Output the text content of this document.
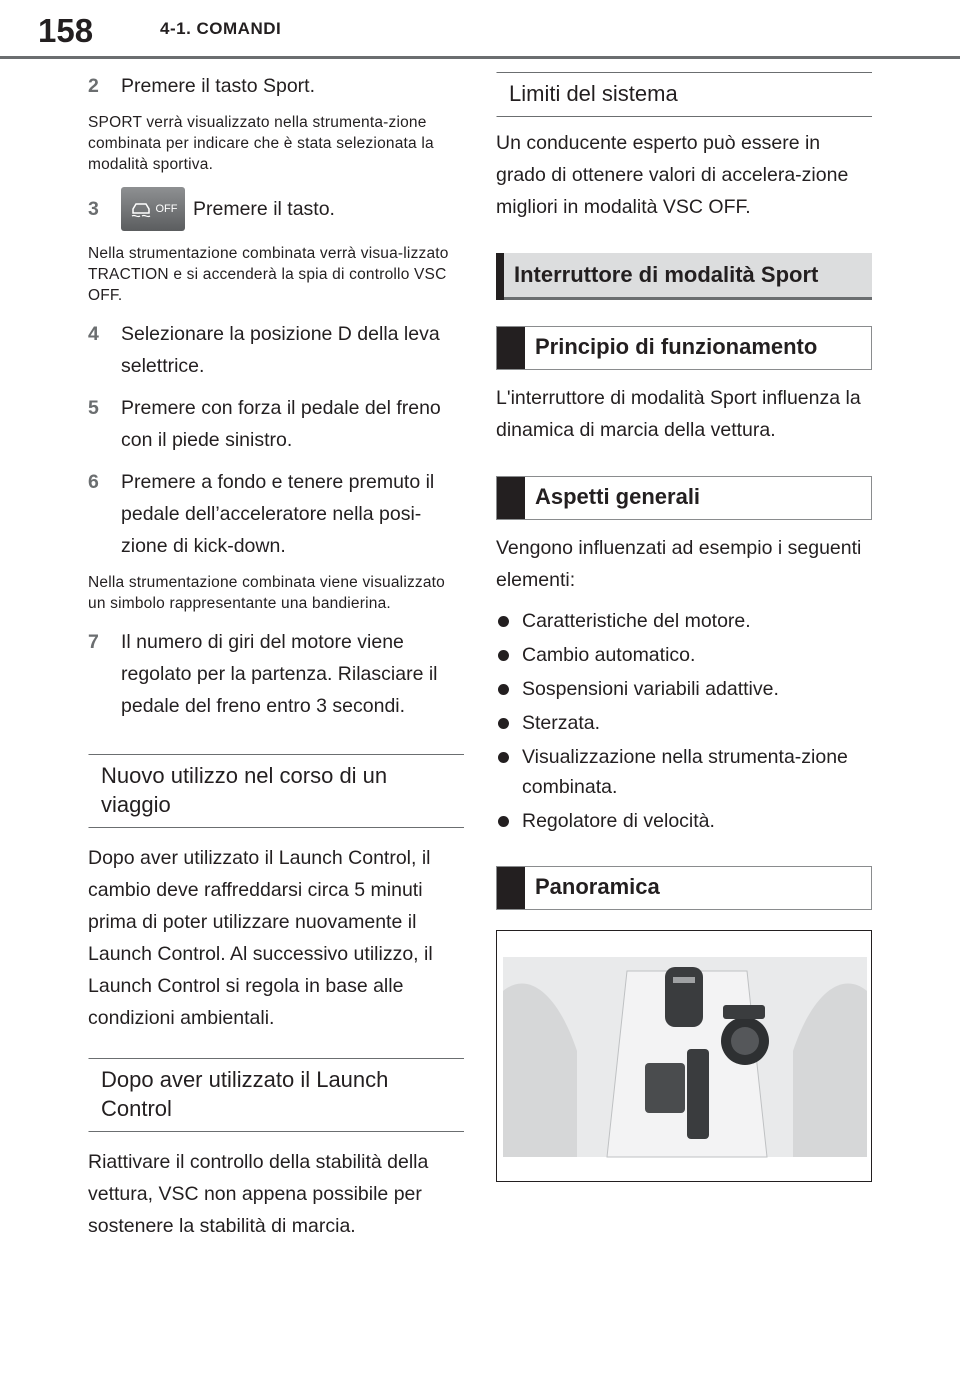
158	4-1. COMANDI
2 Premere il tasto Sport.
SPORT verrà visualizzato nella strumenta-zione combinata per indicare che è stata selezionata la modalità sportiva.
3	OFF Premere il tasto.
Nella strumentazione combinata verrà visua-lizzato TRACTION e si accenderà la spia di controllo VSC OFF.
4 Selezionare la posizione D della leva selettrice.
5 Premere con forza il pedale del freno con il piede sinistro.
6 Premere a fondo e tenere premuto il pedale dell’acceleratore nella posi-zione di kick-down.
Nella strumentazione combinata viene visualizzato un simbolo rappresentante una bandierina.
7 Il numero di giri del motore viene regolato per la partenza. Rilasciare il pedale del freno entro 3 secondi.
Nuovo utilizzo nel corso di un viaggio
Dopo aver utilizzato il Launch Control, il cambio deve raffreddarsi circa 5 minuti prima di poter utilizzare nuovamente il Launch Control. Al successivo utilizzo, il Launch Control si regola in base alle condizioni ambientali.
Dopo aver utilizzato il Launch Control
Riattivare il controllo della stabilità della vettura, VSC non appena possibile per sostenere la stabilità di marcia.
Limiti del sistema
Un conducente esperto può essere in grado di ottenere valori di accelera-zione migliori in modalità VSC OFF.
Interruttore di modalità Sport
Principio di funzionamento
L'interruttore di modalità Sport influenza la dinamica di marcia della vettura.
Aspetti generali
Vengono influenzati ad esempio i seguenti elementi:
Caratteristiche del motore.
Cambio automatico.
Sospensioni variabili adattive.
Sterzata.
Visualizzazione nella strumenta-zione combinata.
Regolatore di velocità.
Panoramica
